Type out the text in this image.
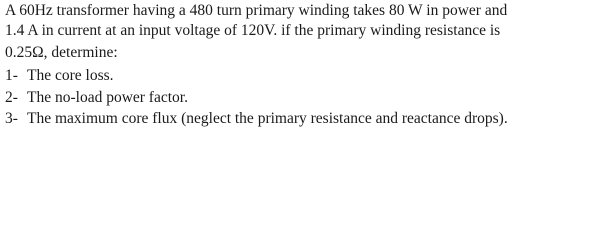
A 60Hz transformer having a 480 turn primary winding takes 80 W in power and
1.4 A in current at an input voltage of 120V. if the primary winding resistance is
0.25Ω, determine:
1- The core loss.
2- The no-load power factor.
3- The maximum core flux (neglect the primary resistance and reactance drops).
